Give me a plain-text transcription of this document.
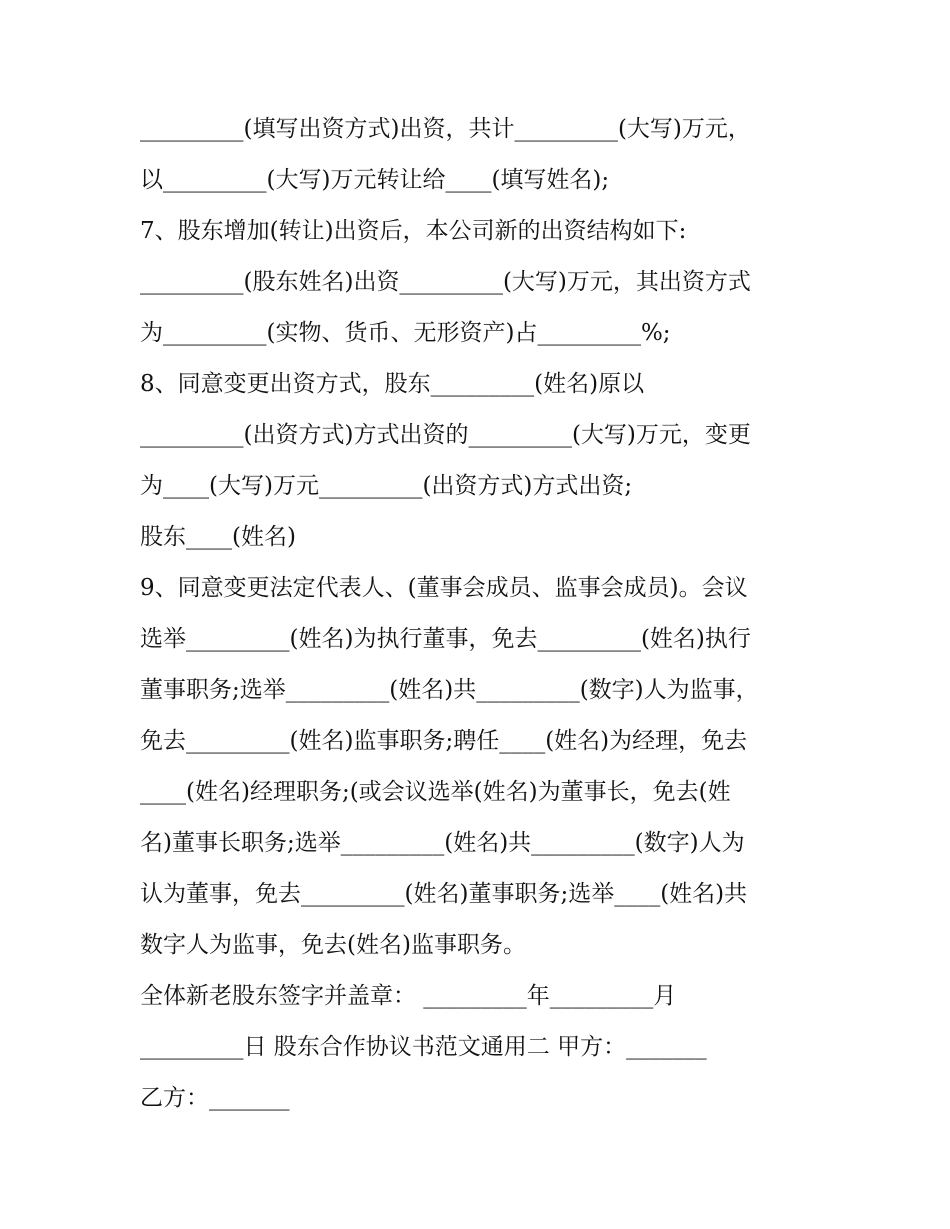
_________(填写出资方式)出资，共计_________(大写)万元，

以_________(大写)万元转让给____(填写姓名);

7、股东增加(转让)出资后，本公司新的出资结构如下:

_________(股东姓名)出资_________(大写)万元，其出资方式

为_________(实物、货币、无形资产)占_________%;

8、同意变更出资方式，股东_________(姓名)原以

_________(出资方式)方式出资的_________(大写)万元，变更

为____(大写)万元_________(出资方式)方式出资;

股东____(姓名)

9、同意变更法定代表人、(董事会成员、监事会成员)。会议

选举_________(姓名)为执行董事，免去_________(姓名)执行

董事职务;选举_________(姓名)共_________(数字)人为监事，

免去_________(姓名)监事职务;聘任____(姓名)为经理，免去

____(姓名)经理职务;(或会议选举(姓名)为董事长，免去(姓

名)董事长职务;选举_________(姓名)共_________(数字)人为

认为董事，免去_________(姓名)董事职务;选举____(姓名)共

数字人为监事，免去(姓名)监事职务。

全体新老股东签字并盖章： _________年_________月

_________日 股东合作协议书范文通用二 甲方：_______

乙方：_______
